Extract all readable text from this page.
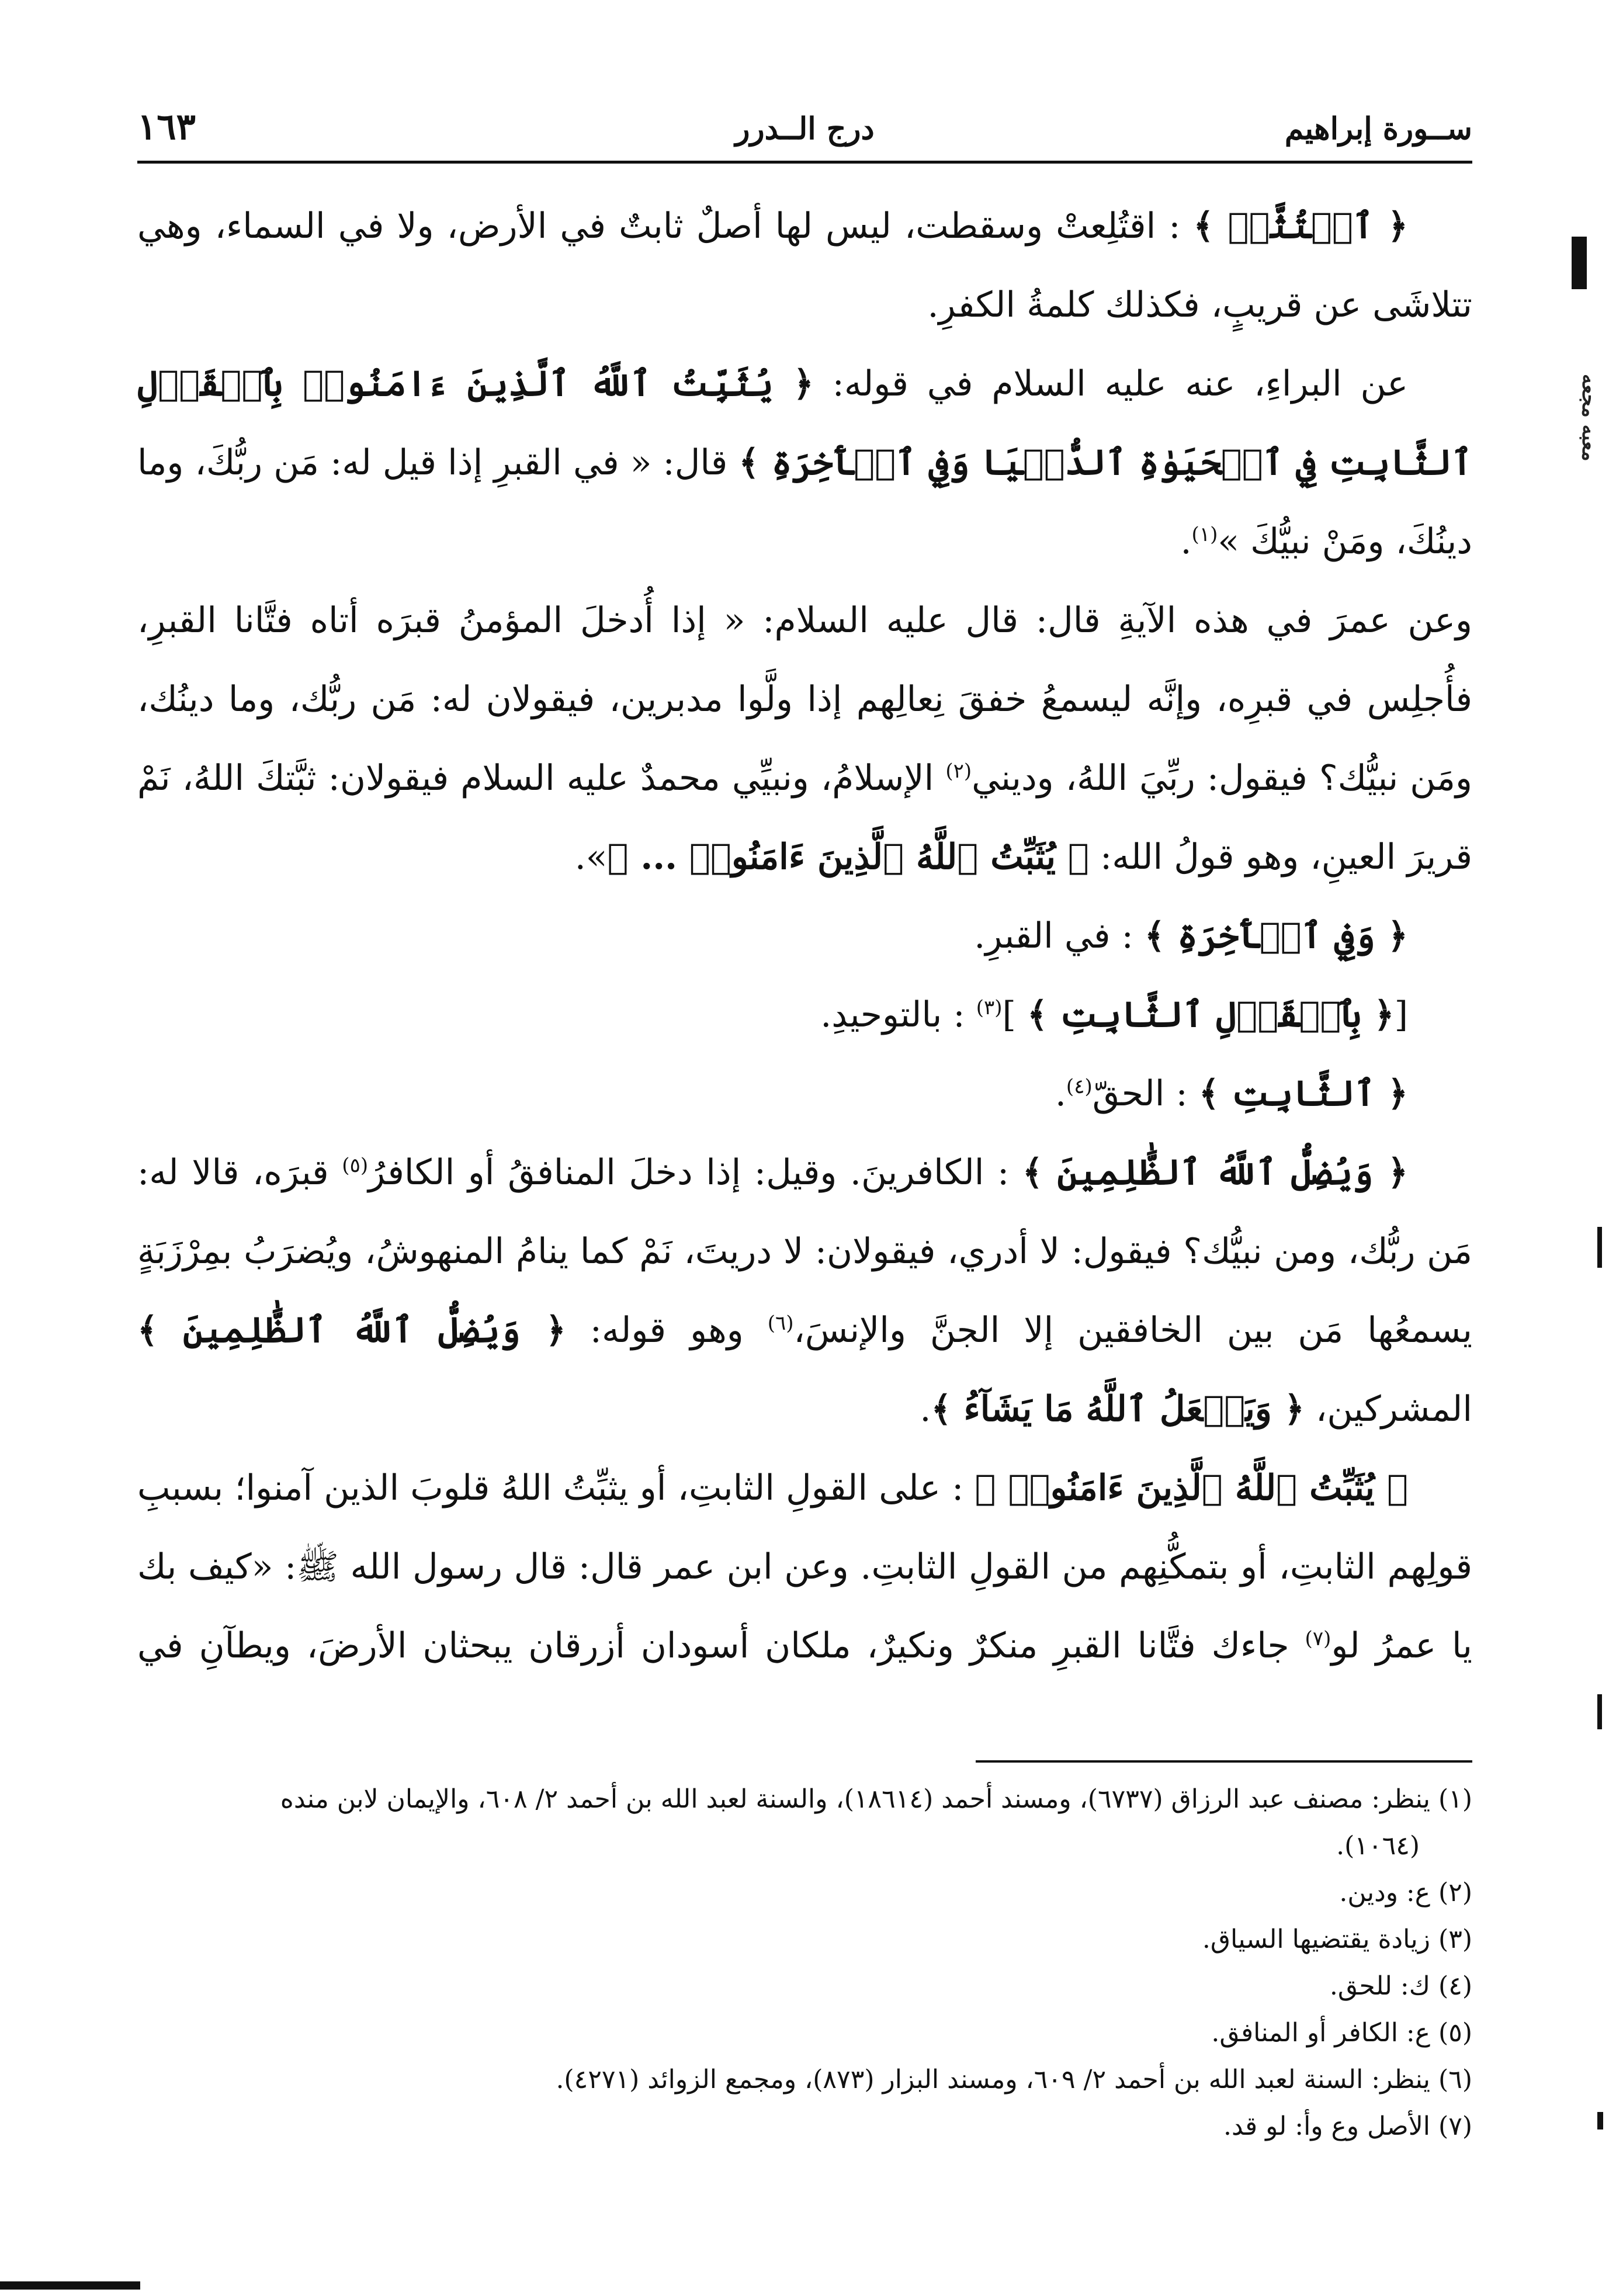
ســورة إبراهيم
درج الــدرر
١٦٣

﴿ ٱجۡتُثَّتۡ ﴾ : اقتُلِعتْ وسقطت، ليس لها أصلٌ ثابتٌ في الأرض، ولا في السماء، وهي تتلاشَى عن قريبٍ، فكذلك كلمةُ الكفرِ.

عن البراءِ، عنه عليه السلام في قوله: ﴿ يُثَبِّتُ ٱللَّهُ ٱلَّذِينَ ءَامَنُوا۟ بِٱلۡقَوۡلِ ٱلثَّابِتِ فِي ٱلۡحَيَوٰةِ ٱلدُّنۡيَا وَفِي ٱلۡأٓخِرَةِ ﴾ قال: « في القبرِ إذا قيل له: مَن ربُّكَ، وما دينُكَ، ومَنْ نبيُّكَ »$^{(١)}$.

وعن عمرَ في هذه الآيةِ قال: قال عليه السلام: « إذا أُدخلَ المؤمنُ قبرَه أتاه فتَّانا القبرِ، فأُجلِس في قبرِه، وإنَّه ليسمعُ خفقَ نِعالِهم إذا ولَّوا مدبرين، فيقولان له: مَن ربُّك، وما دينُك، ومَن نبيُّك؟ فيقول: ربِّيَ اللهُ، وديني$^{(٢)}$ الإسلامُ، ونبيِّي محمدٌ عليه السلام فيقولان: ثبَّتكَ اللهُ، نَمْ قريرَ العينِ، وهو قولُ الله: ﴿ يُثَبِّتُ ٱللَّهُ ٱلَّذِينَ ءَامَنُوا۟ ... ﴾».

﴿ وَفِي ٱلۡأٓخِرَةِ ﴾ : في القبرِ.

[﴿ بِٱلۡقَوۡلِ ٱلثَّابِتِ ﴾ ]$^{(٣)}$ : بالتوحيدِ.

﴿ ٱلثَّابِتِ ﴾ : الحقّ$^{(٤)}$.

﴿ وَيُضِلُّ ٱللَّهُ ٱلظَّٰلِمِينَ ﴾ : الكافرينَ. وقيل: إذا دخلَ المنافقُ أو الكافرُ$^{(٥)}$ قبرَه، قالا له: مَن ربُّك، ومن نبيُّك؟ فيقول: لا أدري، فيقولان: لا دريتَ، نَمْ كما ينامُ المنهوشُ، ويُضرَبُ بمِرْزَبَةٍ يسمعُها مَن بين الخافقين إلا الجنَّ والإنسَ،$^{(٦)}$ وهو قوله: ﴿ وَيُضِلُّ ٱللَّهُ ٱلظَّٰلِمِينَ ﴾ المشركين، ﴿ وَيَفۡعَلُ ٱللَّهُ مَا يَشَآءُ ﴾.

﴿ يُثَبِّتُ ٱللَّهُ ٱلَّذِينَ ءَامَنُوا۟ ﴾ : على القولِ الثابتِ، أو يثبِّتُ اللهُ قلوبَ الذين آمنوا؛ بسببِ قولِهم الثابتِ، أو بتمكُّنِهم من القولِ الثابتِ. وعن ابن عمر قال: قال رسول الله ﷺ: «كيف بك يا عمرُ لو$^{(٧)}$ جاءك فتَّانا القبرِ منكرٌ ونكيرٌ، ملكان أسودان أزرقان يبحثان الأرضَ، ويطآنِ في

(١) ينظر: مصنف عبد الرزاق (٦٧٣٧)، ومسند أحمد (١٨٦١٤)، والسنة لعبد الله بن أحمد ٢/ ٦٠٨، والإيمان لابن منده

(١٠٦٤).

(٢) ع: ودين.

(٣) زيادة يقتضيها السياق.

(٤) ك: للحق.

(٥) ع: الكافر أو المنافق.

(٦) ينظر: السنة لعبد الله بن أحمد ٢/ ٦٠٩، ومسند البزار (٨٧٣)، ومجمع الزوائد (٤٢٧١).

(٧) الأصل وع وأ: لو قد.

ﻣﻌﺒﻪ ﻣﺠﻌﻪ
